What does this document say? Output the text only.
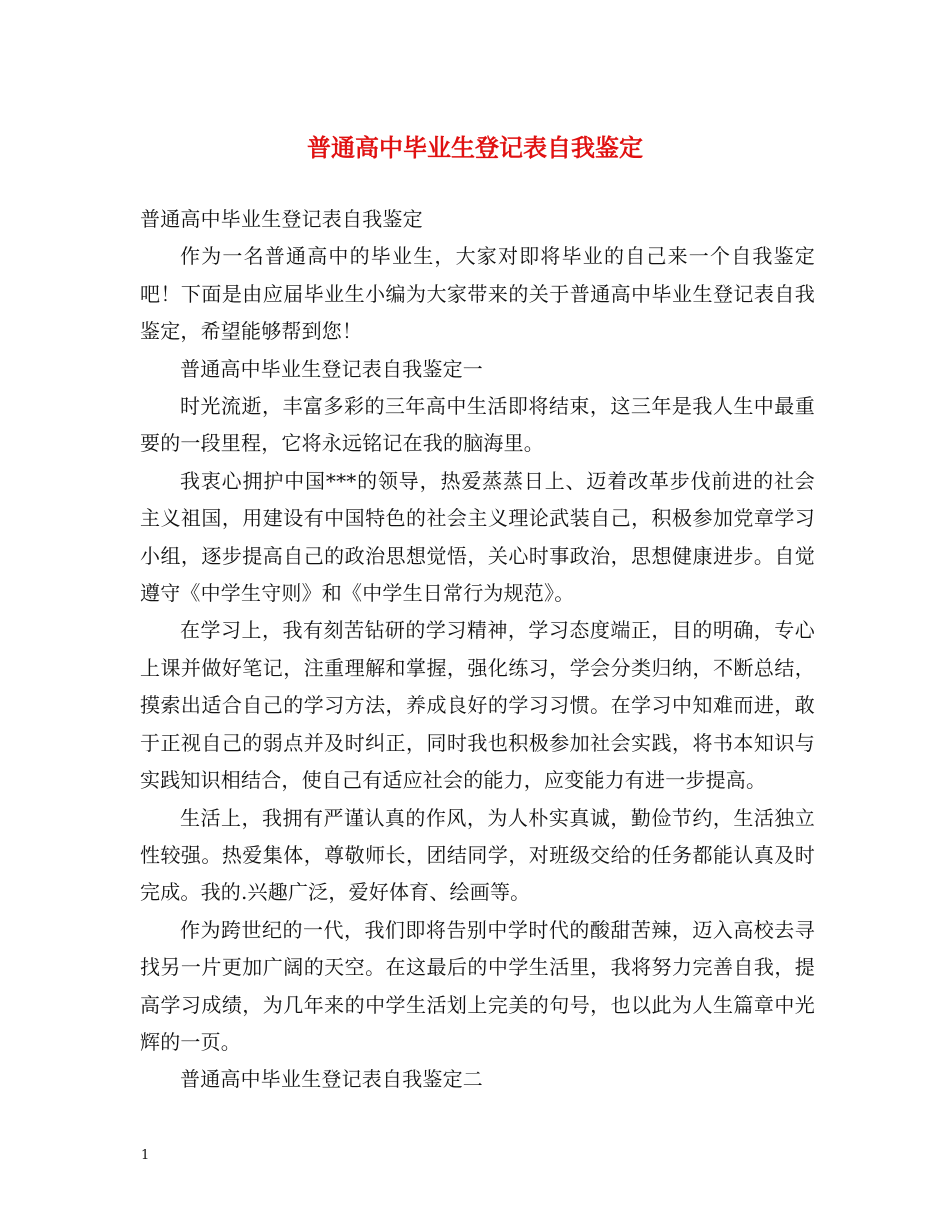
普通高中毕业生登记表自我鉴定

普通高中毕业生登记表自我鉴定

作为一名普通高中的毕业生，大家对即将毕业的自己来一个自我鉴定吧！下面是由应届毕业生小编为大家带来的关于普通高中毕业生登记表自我鉴定，希望能够帮到您！

普通高中毕业生登记表自我鉴定一

时光流逝，丰富多彩的三年高中生活即将结束，这三年是我人生中最重要的一段里程，它将永远铭记在我的脑海里。

我衷心拥护中国***的领导，热爱蒸蒸日上、迈着改革步伐前进的社会主义祖国，用建设有中国特色的社会主义理论武装自己，积极参加党章学习小组，逐步提高自己的政治思想觉悟，关心时事政治，思想健康进步。自觉遵守《中学生守则》和《中学生日常行为规范》。

在学习上，我有刻苦钻研的学习精神，学习态度端正，目的明确，专心上课并做好笔记，注重理解和掌握，强化练习，学会分类归纳，不断总结，摸索出适合自己的学习方法，养成良好的学习习惯。在学习中知难而进，敢于正视自己的弱点并及时纠正，同时我也积极参加社会实践，将书本知识与实践知识相结合，使自己有适应社会的能力，应变能力有进一步提高。

生活上，我拥有严谨认真的作风，为人朴实真诚，勤俭节约，生活独立性较强。热爱集体，尊敬师长，团结同学，对班级交给的任务都能认真及时完成。我的.兴趣广泛，爱好体育、绘画等。

作为跨世纪的一代，我们即将告别中学时代的酸甜苦辣，迈入高校去寻找另一片更加广阔的天空。在这最后的中学生活里，我将努力完善自我，提高学习成绩，为几年来的中学生活划上完美的句号，也以此为人生篇章中光辉的一页。

普通高中毕业生登记表自我鉴定二

1
